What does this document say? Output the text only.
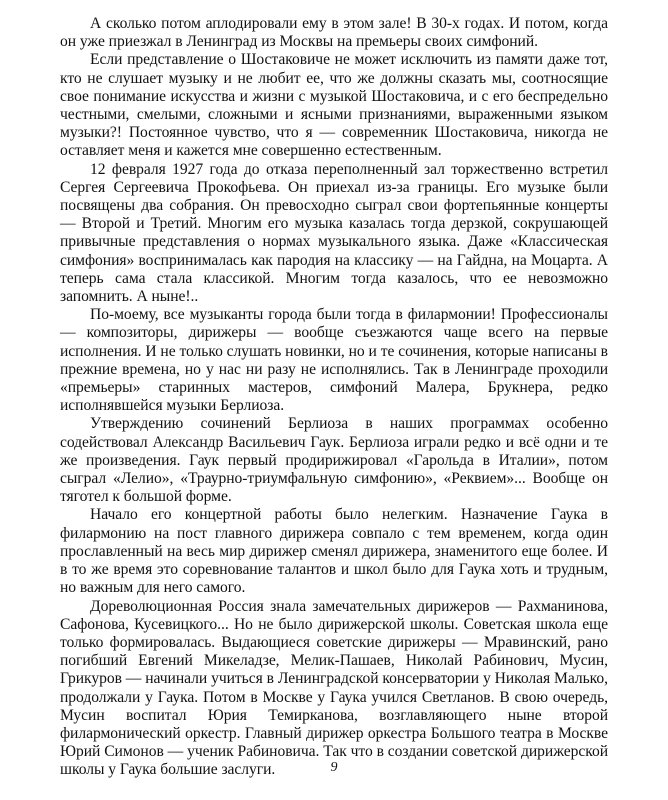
А сколько потом аплодировали ему в этом зале! В 30-х годах. И потом, когда он уже приезжал в Ленинград из Москвы на премьеры своих симфоний.

Если представление о Шостаковиче не может исключить из памяти даже тот, кто не слушает музыку и не любит ее, что же должны сказать мы, соотносящие свое понимание искусства и жизни с музыкой Шостаковича, и с его беспредельно честными, смелыми, сложными и ясными признаниями, выраженными языком музыки?! Постоянное чувство, что я — современник Шостаковича, никогда не оставляет меня и кажется мне совершенно естественным.

12 февраля 1927 года до отказа переполненный зал торжественно встретил Сергея Сергеевича Прокофьева. Он приехал из-за границы. Его музыке были посвящены два собрания. Он превосходно сыграл свои фортепьянные концерты — Второй и Третий. Многим его музыка казалась тогда дерзкой, сокрушающей привычные представления о нормах музыкального языка. Даже «Классическая симфония» воспринималась как пародия на классику — на Гайдна, на Моцарта. А теперь сама стала классикой. Многим тогда казалось, что ее невозможно запомнить. А ныне!..

По-моему, все музыканты города были тогда в филармонии! Профессионалы — композиторы, дирижеры — вообще съезжаются чаще всего на первые исполнения. И не только слушать новинки, но и те сочинения, которые написаны в прежние времена, но у нас ни разу не исполнялись. Так в Ленинграде проходили «премьеры» старинных мастеров, симфоний Малера, Брукнера, редко исполнявшейся музыки Берлиоза.

Утверждению сочинений Берлиоза в наших программах особенно содействовал Александр Васильевич Гаук. Берлиоза играли редко и всё одни и те же произведения. Гаук первый продирижировал «Гарольда в Италии», потом сыграл «Лелио», «Траурно-триумфальную симфонию», «Реквием»... Вообще он тяготел к большой форме.

Начало его концертной работы было нелегким. Назначение Гаука в филармонию на пост главного дирижера совпало с тем временем, когда один прославленный на весь мир дирижер сменял дирижера, знаменитого еще более. И в то же время это соревнование талантов и школ было для Гаука хоть и трудным, но важным для него самого.

Дореволюционная Россия знала замечательных дирижеров — Рахманинова, Сафонова, Кусевицкого... Но не было дирижерской школы. Советская школа еще только формировалась. Выдающиеся советские дирижеры — Мравинский, рано погибший Евгений Микеладзе, Мелик-Пашаев, Николай Рабинович, Мусин, Грикуров — начинали учиться в Ленинградской консерватории у Николая Малько, продолжали у Гаука. Потом в Москве у Гаука учился Светланов. В свою очередь, Мусин воспитал Юрия Темирканова, возглавляющего ныне второй филармонический оркестр. Главный дирижер оркестра Большого театра в Москве Юрий Симонов — ученик Рабиновича. Так что в создании советской дирижерской школы у Гаука большие заслуги.	9
